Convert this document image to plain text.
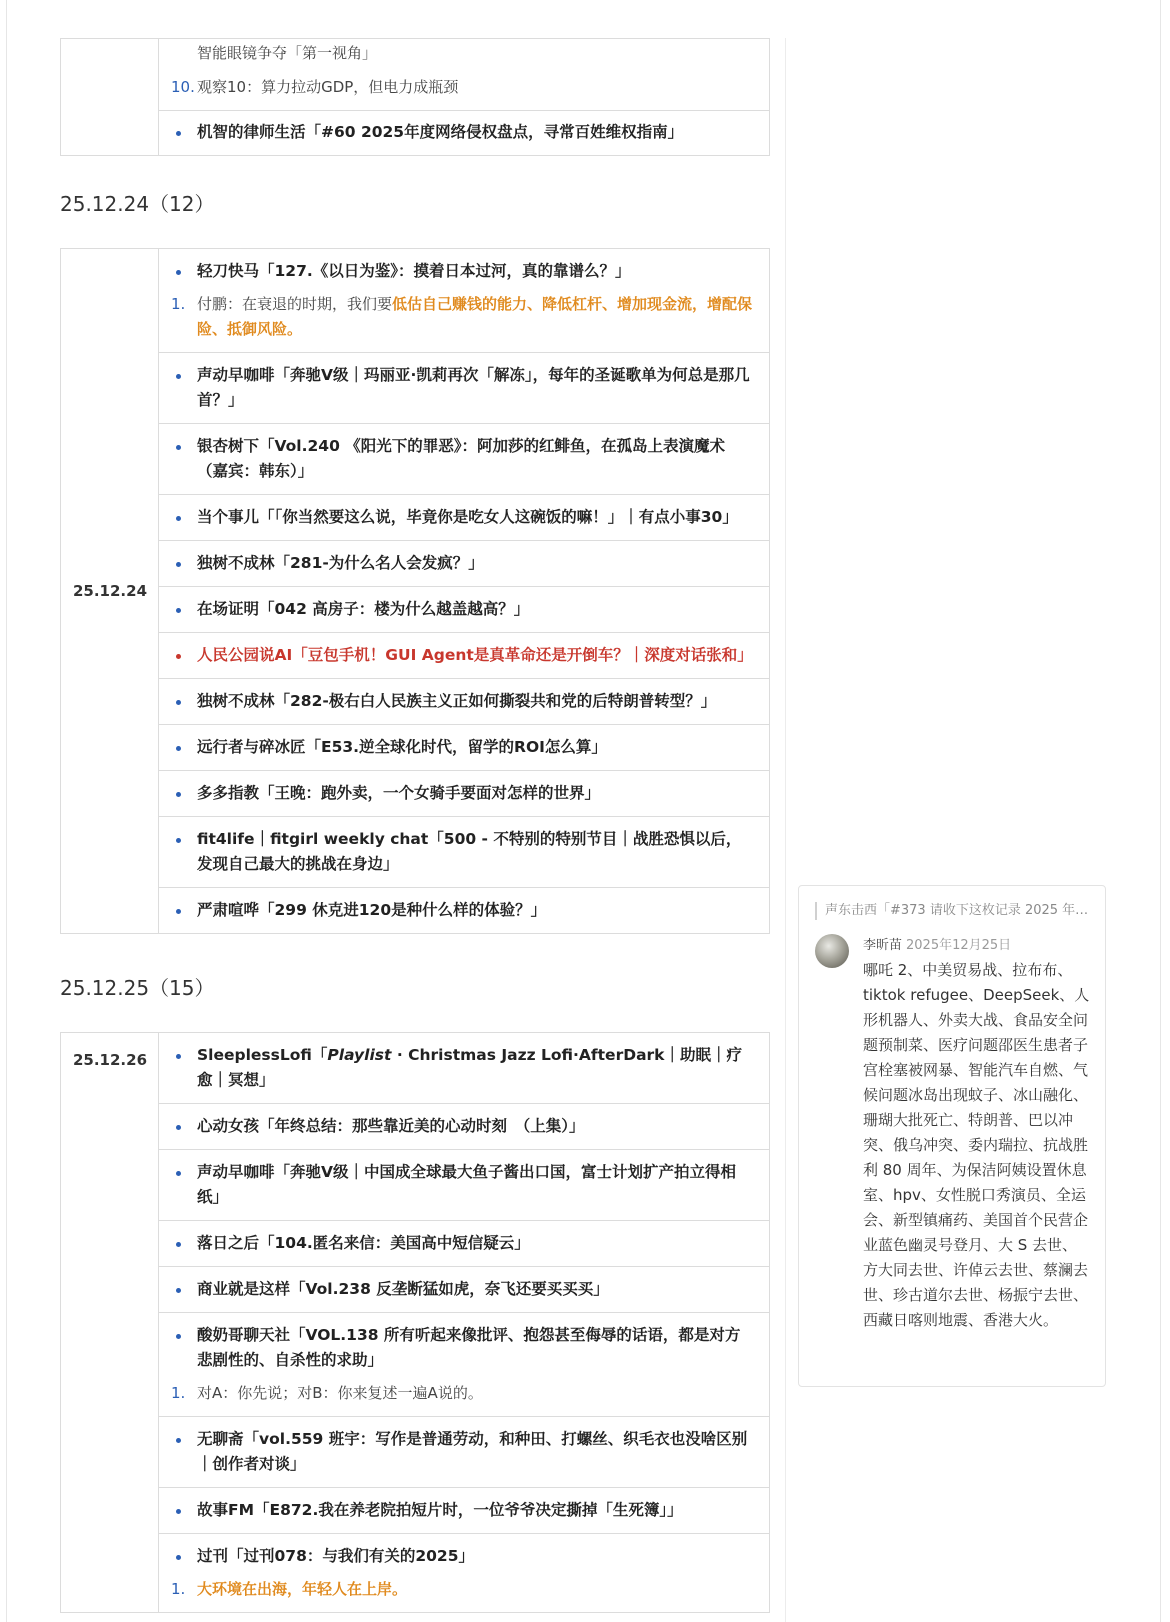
智能眼镜争夺「第一视角」
10. 观察10：算力拉动GDP，但电力成瓶颈
机智的律师生活「#60 2025年度网络侵权盘点，寻常百姓维权指南」
25.12.24（12）
25.12.24
轻刀快马「127.《以日为鉴》：摸着日本过河，真的靠谱么？」
1. 付鹏：在衰退的时期，我们要低估自己赚钱的能力、降低杠杆、增加现金流，增配保险、抵御风险。
声动早咖啡「奔驰V级｜玛丽亚·凯莉再次「解冻」，每年的圣诞歌单为何总是那几首？」
银杏树下「Vol.240 《阳光下的罪恶》：阿加莎的红鲱鱼，在孤岛上表演魔术（嘉宾：韩东）」
当个事儿「「你当然要这么说，毕竟你是吃女人这碗饭的嘛！」｜有点小事30」
独树不成林「281-为什么名人会发疯？」
在场证明「042 高房子：楼为什么越盖越高？」
人民公园说AI「豆包手机！GUI Agent是真革命还是开倒车？｜深度对话张和」
独树不成林「282-极右白人民族主义正如何撕裂共和党的后特朗普转型？」
远行者与碎冰匠「E53.逆全球化时代，留学的ROI怎么算」
多多指教「王晚：跑外卖，一个女骑手要面对怎样的世界」
fit4life｜fitgirl weekly chat「500 - 不特别的特别节目｜战胜恐惧以后，发现自己最大的挑战在身边」
严肃喧哗「299 休克进120是种什么样的体验？」
25.12.25（15）
25.12.26	SleeplessLofi「Playlist · Christmas Jazz Lofi·AfterDark｜助眠｜疗愈｜冥想」
心动女孩「年终总结：那些靠近美的心动时刻　（上集）」
声动早咖啡「奔驰V级｜中国成全球最大鱼子酱出口国，富士计划扩产拍立得相纸」
落日之后「104.匿名来信：美国高中短信疑云」
商业就是这样「Vol.238 反垄断猛如虎，奈飞还要买买买」
酸奶哥聊天社「VOL.138 所有听起来像批评、抱怨甚至侮辱的话语，都是对方悲剧性的、自杀性的求助」
1. 对A：你先说；对B：你来复述一遍A说的。
无聊斋「vol.559 班宇：写作是普通劳动，和种田、打螺丝、织毛衣也没啥区别｜创作者对谈」
故事FM「E872.我在养老院拍短片时，一位爷爷决定撕掉「生死簿」」
过刊「过刊078：与我们有关的2025」
1. 大环境在出海，年轻人在上岸。
声东击西「#373 请收下这枚记录 2025 年…
李昕苗 2025年12月25日
哪吒 2、中美贸易战、拉布布、tiktok refugee、DeepSeek、人形机器人、外卖大战、食品安全问题预制菜、医疗问题邵医生患者子宫栓塞被网暴、智能汽车自燃、气候问题冰岛出现蚊子、冰山融化、珊瑚大批死亡、特朗普、巴以冲突、俄乌冲突、委内瑞拉、抗战胜利 80 周年、为保洁阿姨设置休息室、hpv、女性脱口秀演员、全运会、新型镇痛药、美国首个民营企业蓝色幽灵号登月、大 S 去世、方大同去世、许倬云去世、蔡澜去世、珍古道尔去世、杨振宁去世、西藏日喀则地震、香港大火。
